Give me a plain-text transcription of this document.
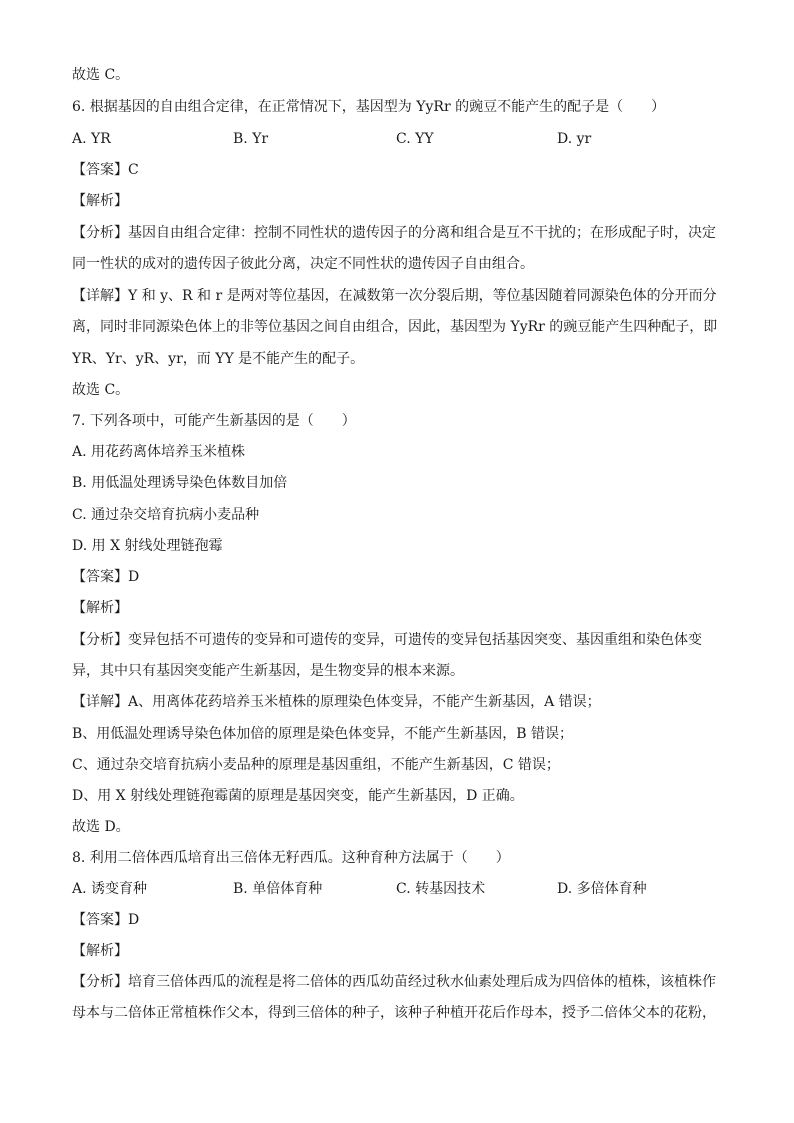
故选 C。
6. 根据基因的自由组合定律，在正常情况下，基因型为 YyRr 的豌豆不能产生的配子是（　　）
A. YR	B. Yr	C. YY	D. yr
【答案】C
【解析】
【分析】基因自由组合定律：控制不同性状的遗传因子的分离和组合是互不干扰的；在形成配子时，决定
同一性状的成对的遗传因子彼此分离，决定不同性状的遗传因子自由组合。
【详解】Y 和 y、R 和 r 是两对等位基因，在减数第一次分裂后期，等位基因随着同源染色体的分开而分
离，同时非同源染色体上的非等位基因之间自由组合，因此，基因型为 YyRr 的豌豆能产生四种配子，即
YR、Yr、yR、yr，而 YY 是不能产生的配子。
故选 C。
7. 下列各项中，可能产生新基因的是（　　）
A. 用花药离体培养玉米植株
B. 用低温处理诱导染色体数目加倍
C. 通过杂交培育抗病小麦品种
D. 用 X 射线处理链孢霉
【答案】D
【解析】
【分析】变异包括不可遗传的变异和可遗传的变异，可遗传的变异包括基因突变、基因重组和染色体变
异，其中只有基因突变能产生新基因，是生物变异的根本来源。
【详解】A、用离体花药培养玉米植株的原理染色体变异，不能产生新基因，A 错误；
B、用低温处理诱导染色体加倍的原理是染色体变异，不能产生新基因，B 错误；
C、通过杂交培育抗病小麦品种的原理是基因重组，不能产生新基因，C 错误；
D、用 X 射线处理链孢霉菌的原理是基因突变，能产生新基因，D 正确。
故选 D。
8. 利用二倍体西瓜培育出三倍体无籽西瓜。这种育种方法属于（　　）
A. 诱变育种	B. 单倍体育种	C. 转基因技术	D. 多倍体育种
【答案】D
【解析】
【分析】培育三倍体西瓜的流程是将二倍体的西瓜幼苗经过秋水仙素处理后成为四倍体的植株，该植株作
母本与二倍体正常植株作父本，得到三倍体的种子，该种子种植开花后作母本，授予二倍体父本的花粉，
